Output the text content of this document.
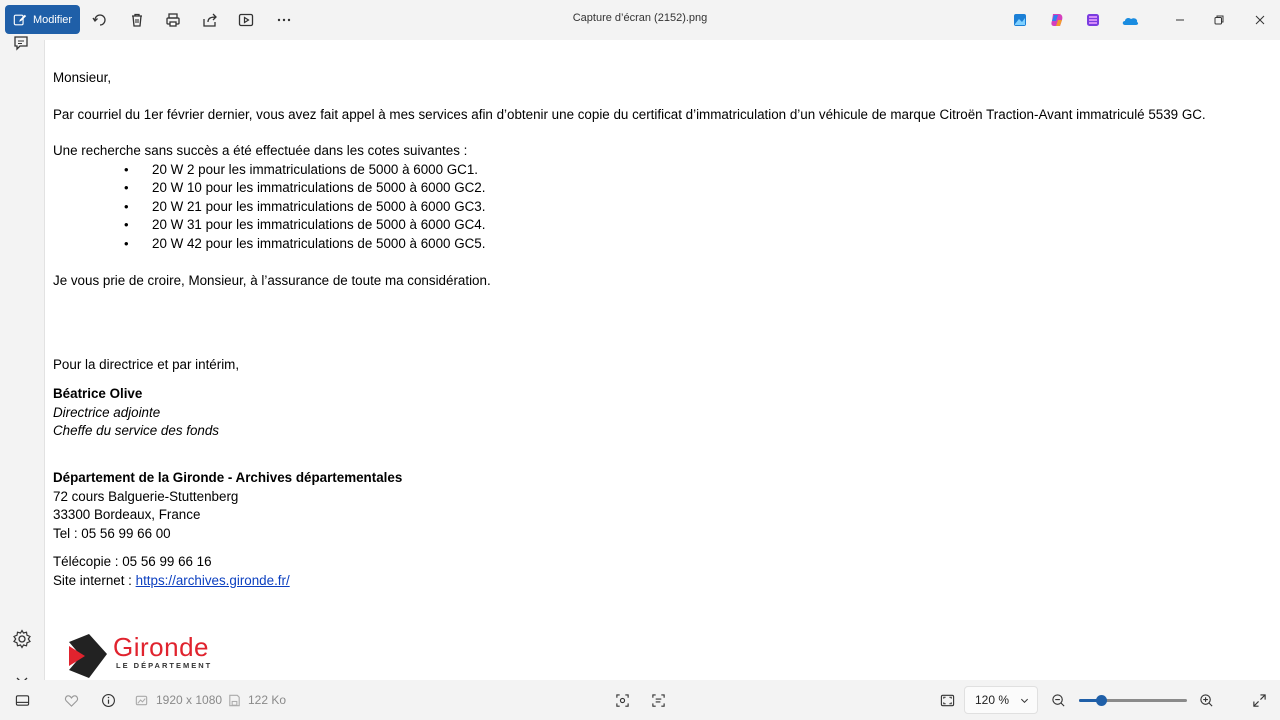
Modifier	Capture d’écran (2152).png

Monsieur,

Par courriel du 1er février dernier, vous avez fait appel à mes services afin d’obtenir une copie du certificat d’immatriculation d’un véhicule de marque Citroën Traction-Avant immatriculé 5539 GC.

Une recherche sans succès a été effectuée dans les cotes suivantes :

• 20 W 2 pour les immatriculations de 5000 à 6000 GC1.
• 20 W 10 pour les immatriculations de 5000 à 6000 GC2.
• 20 W 21 pour les immatriculations de 5000 à 6000 GC3.
• 20 W 31 pour les immatriculations de 5000 à 6000 GC4.
• 20 W 42 pour les immatriculations de 5000 à 6000 GC5.

Je vous prie de croire, Monsieur, à l’assurance de toute ma considération.

Pour la directrice et par intérim,

Béatrice Olive

Directrice adjointe

Cheffe du service des fonds

Département de la Gironde - Archives départementales

72 cours Balguerie-Stuttenberg

33300 Bordeaux, France

Tel : 05 56 99 66 00

Télécopie : 05 56 99 66 16

Site internet : https://archives.gironde.fr/

Gironde
LE DÉPARTEMENT
1920 x 1080 122 Ko	120 %
